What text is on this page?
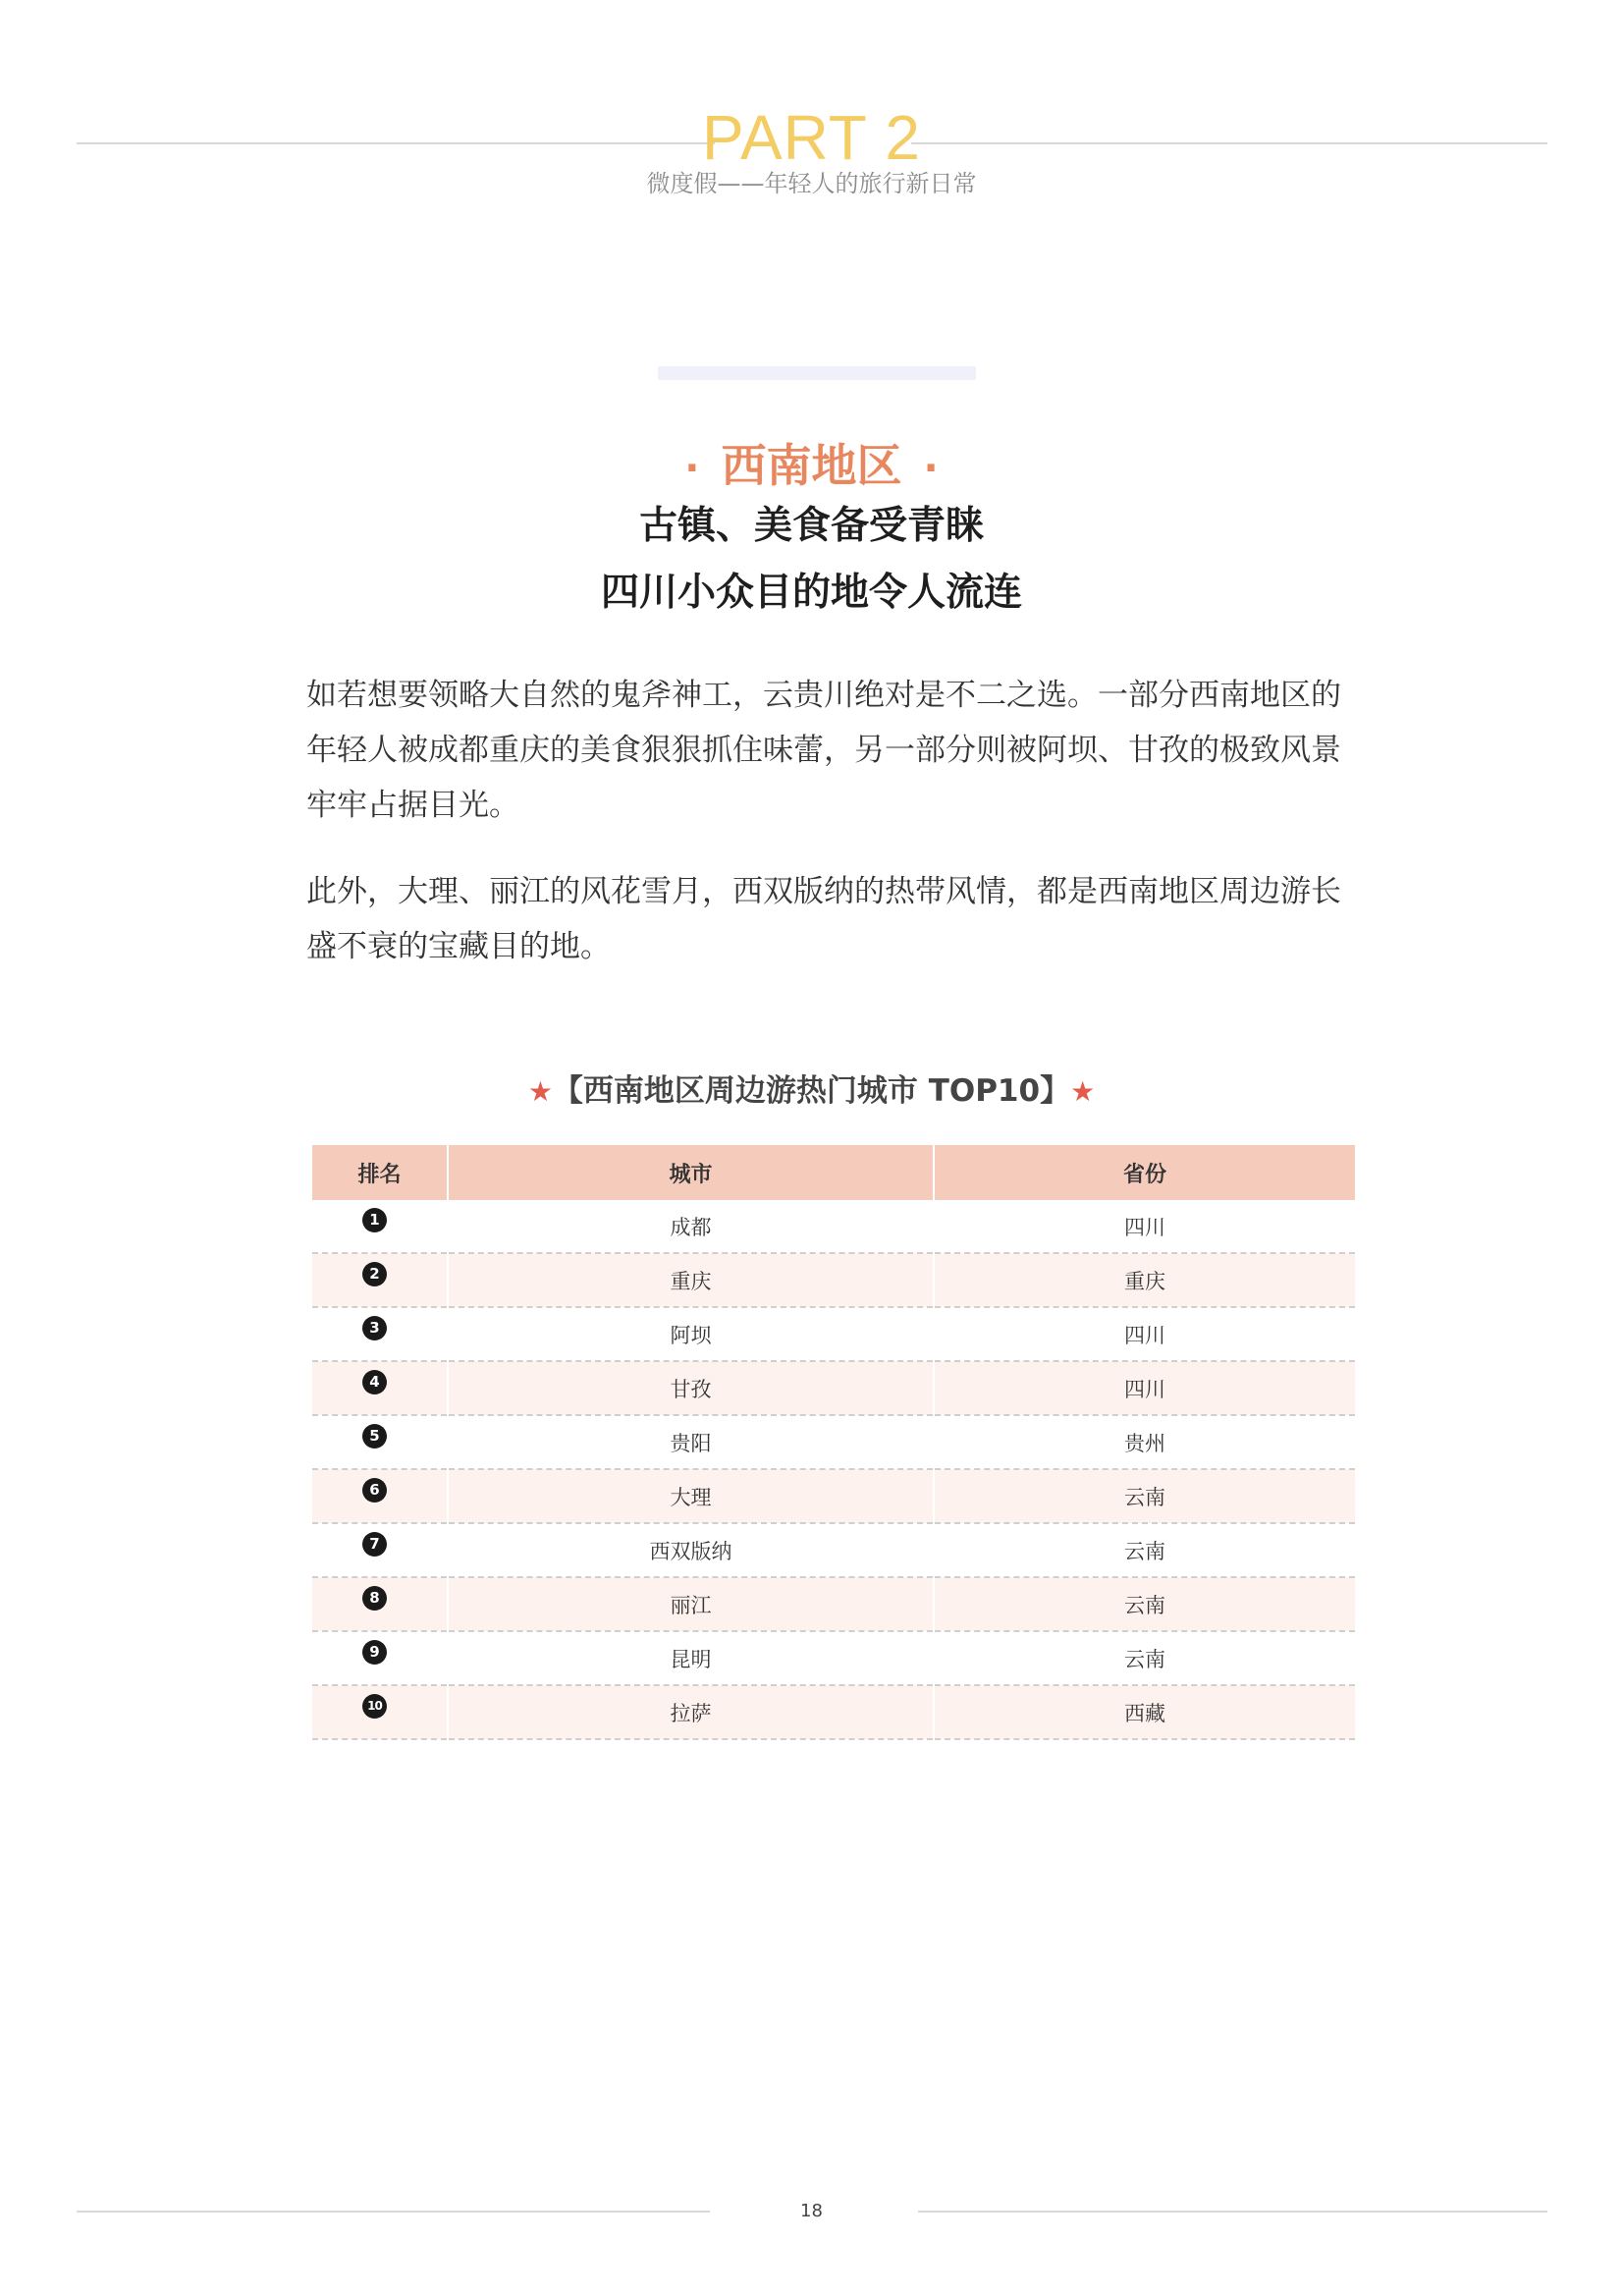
PART 2
微度假——年轻人的旅行新日常
· 西南地区 ·
古镇、美食备受青睐
四川小众目的地令人流连

如若想要领略大自然的鬼斧神工，云贵川绝对是不二之选。一部分西南地区的年轻人被成都重庆的美食狠狠抓住味蕾，另一部分则被阿坝、甘孜的极致风景牢牢占据目光。

此外，大理、丽江的风花雪月，西双版纳的热带风情，都是西南地区周边游长盛不衰的宝藏目的地。

★【西南地区周边游热门城市 TOP10】★
排名	城市	省份
1	成都	四川
2	重庆	重庆
3	阿坝	四川
4	甘孜	四川
5	贵阳	贵州
6	大理	云南
7	西双版纳	云南
8	丽江	云南
9	昆明	云南
10	拉萨	西藏
18
